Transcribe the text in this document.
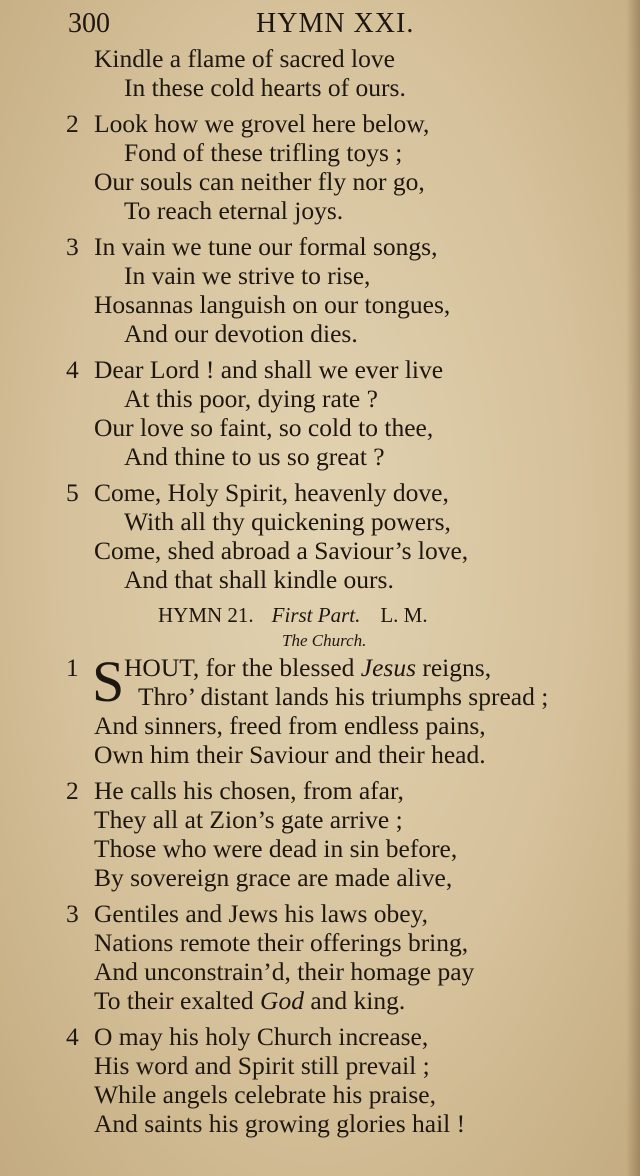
300	HYMN XXI.
Kindle a flame of sacred love
In these cold hearts of ours.
2 Look how we grovel here below,
Fond of these trifling toys ;
Our souls can neither fly nor go,
To reach eternal joys.
3 In vain we tune our formal songs,
In vain we strive to rise,
Hosannas languish on our tongues,
And our devotion dies.
4 Dear Lord ! and shall we ever live
At this poor, dying rate ?
Our love so faint, so cold to thee,
And thine to us so great ?
5 Come, Holy Spirit, heavenly dove,
With all thy quickening powers,
Come, shed abroad a Saviour’s love,
And that shall kindle ours.
HYMN 21. First Part. L. M.
The Church.
1 S HOUT, for the blessed Jesus reigns,
Thro’ distant lands his triumphs spread ;
And sinners, freed from endless pains,
Own him their Saviour and their head.
2 He calls his chosen, from afar,
They all at Zion’s gate arrive ;
Those who were dead in sin before,
By sovereign grace are made alive,
3 Gentiles and Jews his laws obey,
Nations remote their offerings bring,
And unconstrain’d, their homage pay
To their exalted God and king.
4 O may his holy Church increase,
His word and Spirit still prevail ;
While angels celebrate his praise,
And saints his growing glories hail !
